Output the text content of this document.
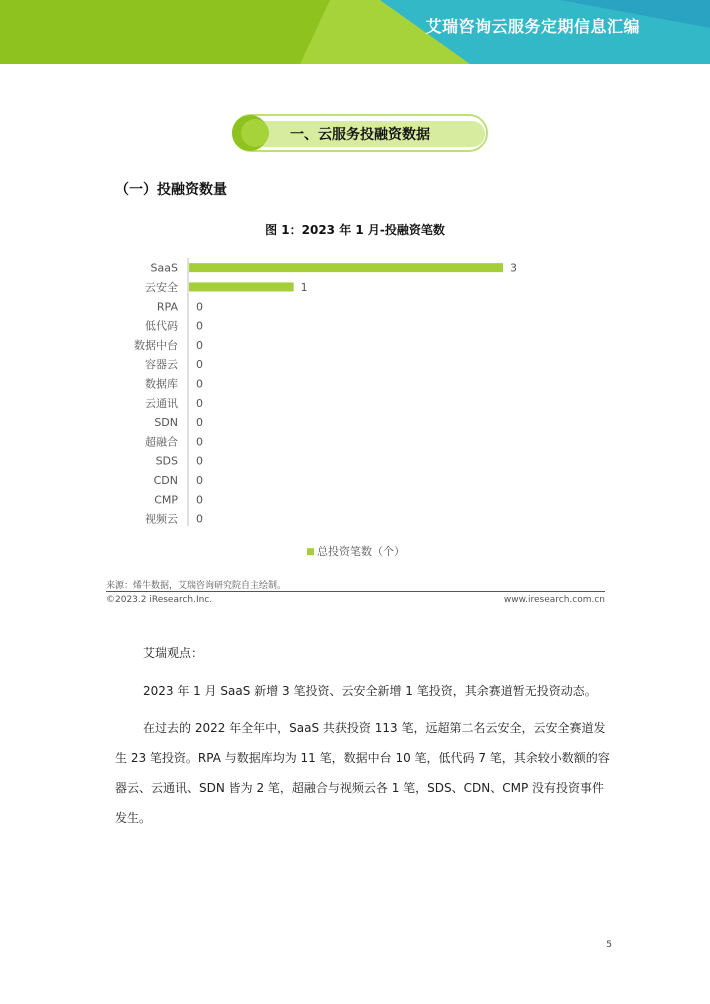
艾瑞咨询云服务定期信息汇编
一、云服务投融资数据
（一）投融资数量
图 1：2023 年 1 月-投融资笔数
SaaS	3
云安全	1
RPA 0
低代码 0
数据中台 0
容器云 0
数据库 0
云通讯 0
SDN 0
超融合 0
SDS 0
CDN 0
CMP 0
视频云 0
总投资笔数（个）
来源：烯牛数据，艾瑞咨询研究院自主绘制。
©2023.2 iResearch.Inc.	www.iresearch.com.cn
艾瑞观点：
2023 年 1 月 SaaS 新增 3 笔投资、云安全新增 1 笔投资，其余赛道暂无投资动态。
在过去的 2022 年全年中，SaaS 共获投资 113 笔，远超第二名云安全，云安全赛道发生 23 笔投资。RPA 与数据库均为 11 笔，数据中台 10 笔，低代码 7 笔，其余较小数额的容器云、云通讯、SDN 皆为 2 笔，超融合与视频云各 1 笔，SDS、CDN、CMP 没有投资事件发生。
5
